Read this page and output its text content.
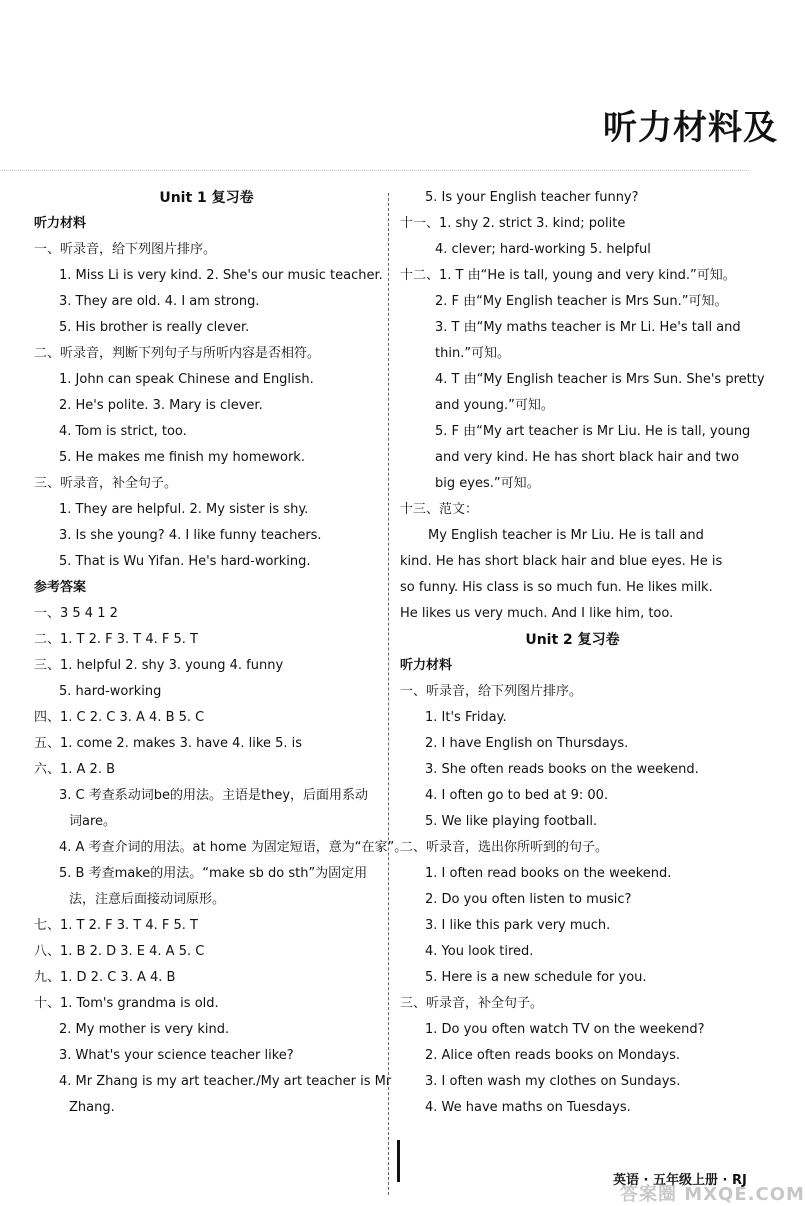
听力材料及
Unit 1 复习卷
听力材料
一、听录音，给下列图片排序。
1. Miss Li is very kind. 2. She's our music teacher.
3. They are old. 4. I am strong.
5. His brother is really clever.
二、听录音，判断下列句子与所听内容是否相符。
1. John can speak Chinese and English.
2. He's polite. 3. Mary is clever.
4. Tom is strict, too.
5. He makes me finish my homework.
三、听录音，补全句子。
1. They are helpful. 2. My sister is shy.
3. Is she young? 4. I like funny teachers.
5. That is Wu Yifan. He's hard-working.
参考答案
一、3 5 4 1 2
二、1. T 2. F 3. T 4. F 5. T
三、1. helpful 2. shy 3. young 4. funny
5. hard-working
四、1. C 2. C 3. A 4. B 5. C
五、1. come 2. makes 3. have 4. like 5. is
六、1. A 2. B
3. C 考查系动词be的用法。主语是they，后面用系动
词are。
4. A 考查介词的用法。at home 为固定短语，意为“在家”。
5. B 考查make的用法。“make sb do sth”为固定用
法，注意后面接动词原形。
七、1. T 2. F 3. T 4. F 5. T
八、1. B 2. D 3. E 4. A 5. C
九、1. D 2. C 3. A 4. B
十、1. Tom's grandma is old.
2. My mother is very kind.
3. What's your science teacher like?
4. Mr Zhang is my art teacher./My art teacher is Mr
Zhang.
5. Is your English teacher funny?
十一、1. shy 2. strict 3. kind; polite
4. clever; hard-working 5. helpful
十二、1. T 由“He is tall, young and very kind.”可知。
2. F 由“My English teacher is Mrs Sun.”可知。
3. T 由“My maths teacher is Mr Li. He's tall and
thin.”可知。
4. T 由“My English teacher is Mrs Sun. She's pretty
and young.”可知。
5. F 由“My art teacher is Mr Liu. He is tall, young
and very kind. He has short black hair and two
big eyes.”可知。
十三、范文：
My English teacher is Mr Liu. He is tall and
kind. He has short black hair and blue eyes. He is
so funny. His class is so much fun. He likes milk.
He likes us very much. And I like him, too.
Unit 2 复习卷
听力材料
一、听录音，给下列图片排序。
1. It's Friday.
2. I have English on Thursdays.
3. She often reads books on the weekend.
4. I often go to bed at 9: 00.
5. We like playing football.
二、听录音，选出你所听到的句子。
1. I often read books on the weekend.
2. Do you often listen to music?
3. I like this park very much.
4. You look tired.
5. Here is a new schedule for you.
三、听录音，补全句子。
1. Do you often watch TV on the weekend?
2. Alice often reads books on Mondays.
3. I often wash my clothes on Sundays.
4. We have maths on Tuesdays.
英语 · 五年级上册 · RJ
答案圈 MXQE.COM
